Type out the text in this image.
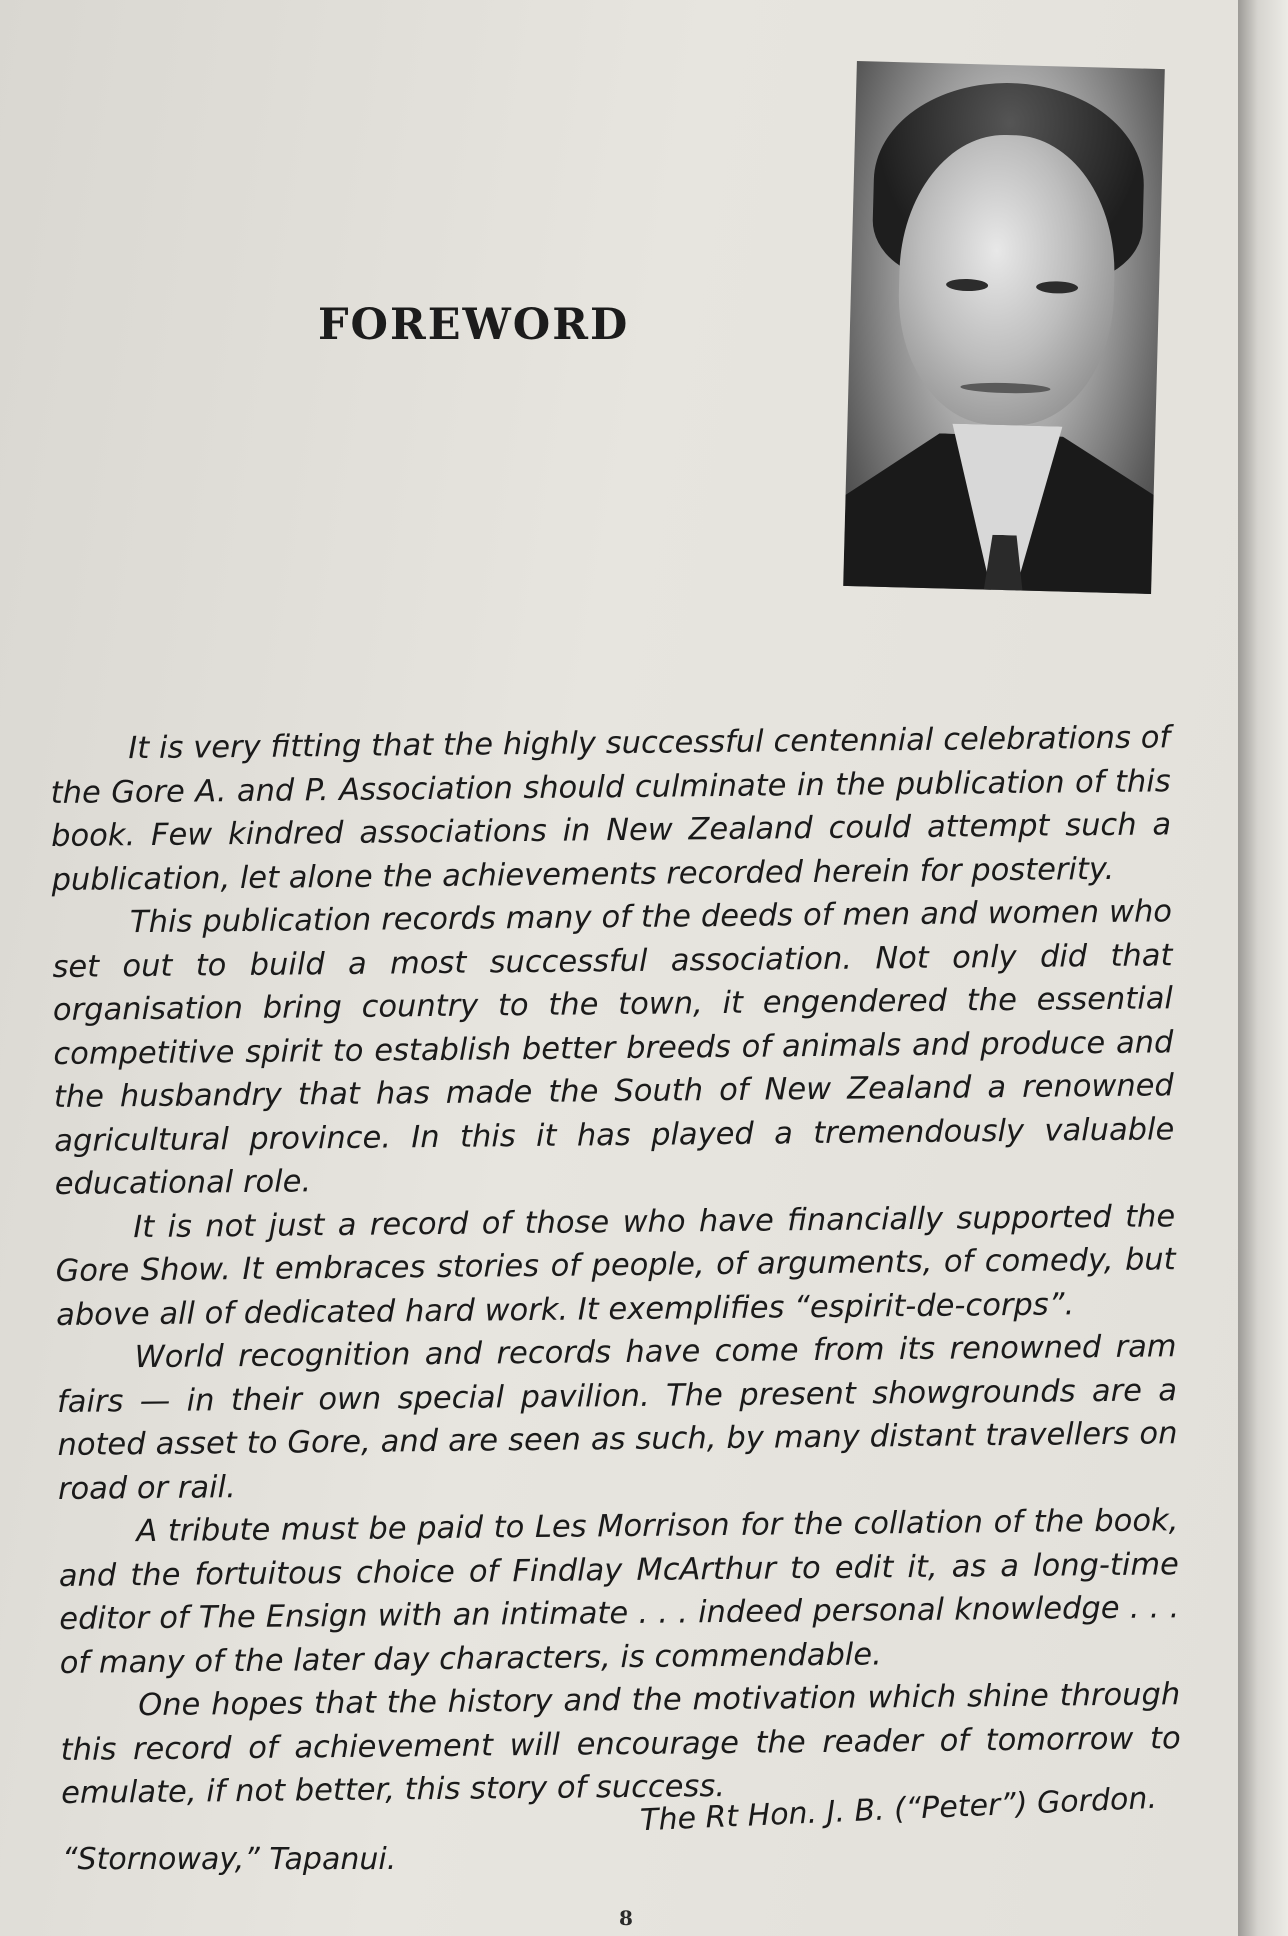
FOREWORD

It is very fitting that the highly successful centennial celebrations of the Gore A. and P. Association should culminate in the publication of this book. Few kindred associations in New Zealand could attempt such a publication, let alone the achievements recorded herein for posterity.

This publication records many of the deeds of men and women who set out to build a most successful association. Not only did that organisation bring country to the town, it engendered the essential competitive spirit to establish better breeds of animals and produce and the husbandry that has made the South of New Zealand a renowned agricultural province. In this it has played a tremendously valuable educational role.

It is not just a record of those who have financially supported the Gore Show. It embraces stories of people, of arguments, of comedy, but above all of dedicated hard work. It exemplifies “espirit-de-corps”.

World recognition and records have come from its renowned ram fairs — in their own special pavilion. The present showgrounds are a noted asset to Gore, and are seen as such, by many distant travellers on road or rail.

A tribute must be paid to Les Morrison for the collation of the book, and the fortuitous choice of Findlay McArthur to edit it, as a long-time editor of The Ensign with an intimate . . . indeed personal knowledge . . . of many of the later day characters, is commendable.

One hopes that the history and the motivation which shine through this record of achievement will encourage the reader of tomorrow to emulate, if not better, this story of success.

The Rt Hon. J. B. (“Peter”) Gordon.
“Stornoway,” Tapanui.
8
